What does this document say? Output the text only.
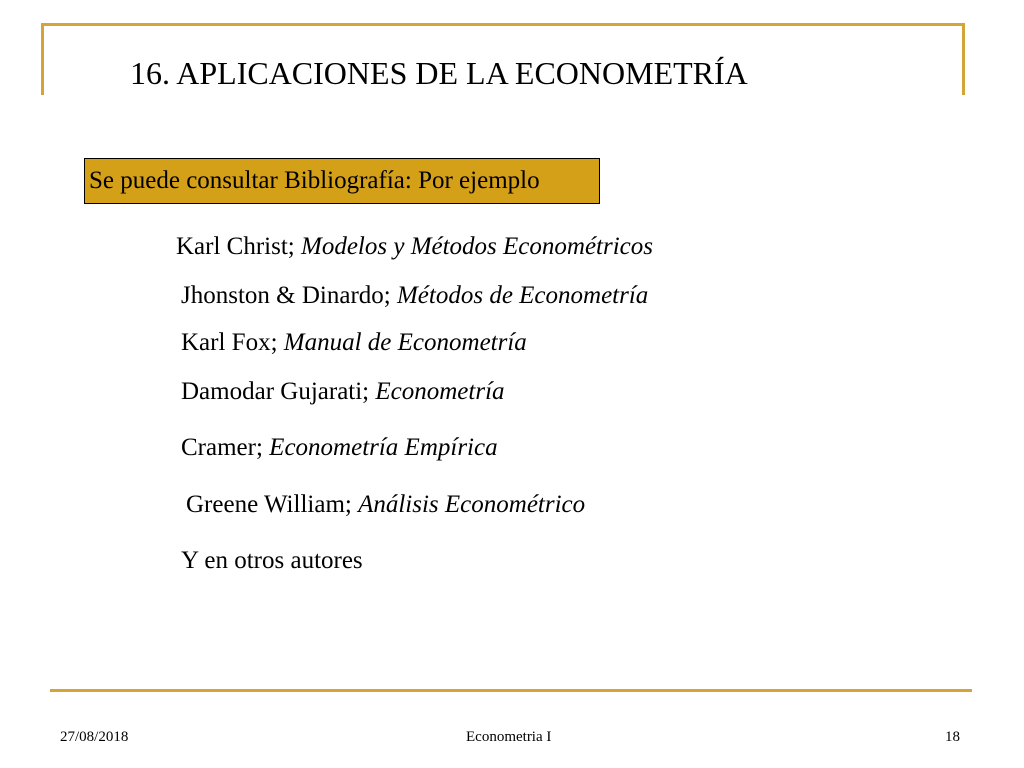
16. APLICACIONES DE LA ECONOMETRÍA
Se puede consultar Bibliografía: Por ejemplo
Karl Christ; Modelos y Métodos Econométricos
Jhonston & Dinardo; Métodos de Econometría
Karl Fox; Manual de Econometría
Damodar Gujarati; Econometría
Cramer; Econometría Empírica
Greene William; Análisis Econométrico
Y en otros autores
27/08/2018	Econometria I	18
